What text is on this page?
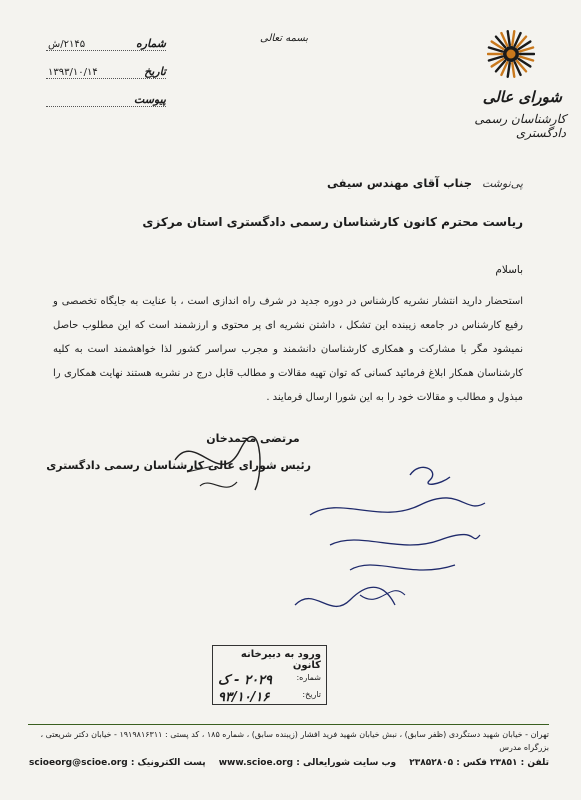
شماره
۲۱۴۵/ش
تاریخ
۱۳۹۳/۱۰/۱۴
پیوست
بسمه تعالی
شورای عالی
کارشناسان رسمی دادگستری
پی‌نوشت جناب آقای مهندس سیفی
ریاست محترم کانون کارشناسان رسمی دادگستری استان مرکزی
باسلام
استحضار دارید انتشار نشریه کارشناس در دوره جدید در شرف راه اندازی است ، با عنایت به جایگاه تخصصی و رفیع کارشناس در جامعه زیبنده این تشکل ، داشتن نشریه ای پر محتوی و ارزشمند است که این مطلوب حاصل نمیشود مگر با مشارکت و همکاری کارشناسان دانشمند و مجرب سراسر کشور لذا خواهشمند است به کلیه کارشناسان همکار ابلاغ فرمائید کسانی که توان تهیه مقالات و مطالب قابل درج در نشریه هستند نهایت همکاری را مبذول و مطالب و مقالات خود را به این شورا ارسال فرمایند .
مرتضی محمدخان
رئیس شورای عالی کارشناسان رسمی دادگستری
ورود به دبیرخانه کانون
شماره:
۲۰۲۹ - ک
تاریخ:
۹۳/۱۰/۱۶
تهران - خیابان شهید دستگردی (ظفر سابق) ، نبش خیابان شهید فرید افشار (زیبنده سابق) ، شماره ۱۸۵ ، کد پستی : ۱۹۱۹۸۱۶۳۱۱ - خیابان دکتر شریعتی ، بزرگراه مدرس
تلفن : ۲۳۸۵۱ فکس : ۲۳۸۵۲۸۰۵
وب سایت شورایعالی : www.scioe.org
پست الکترونیک : scioeorg@scioe.org
